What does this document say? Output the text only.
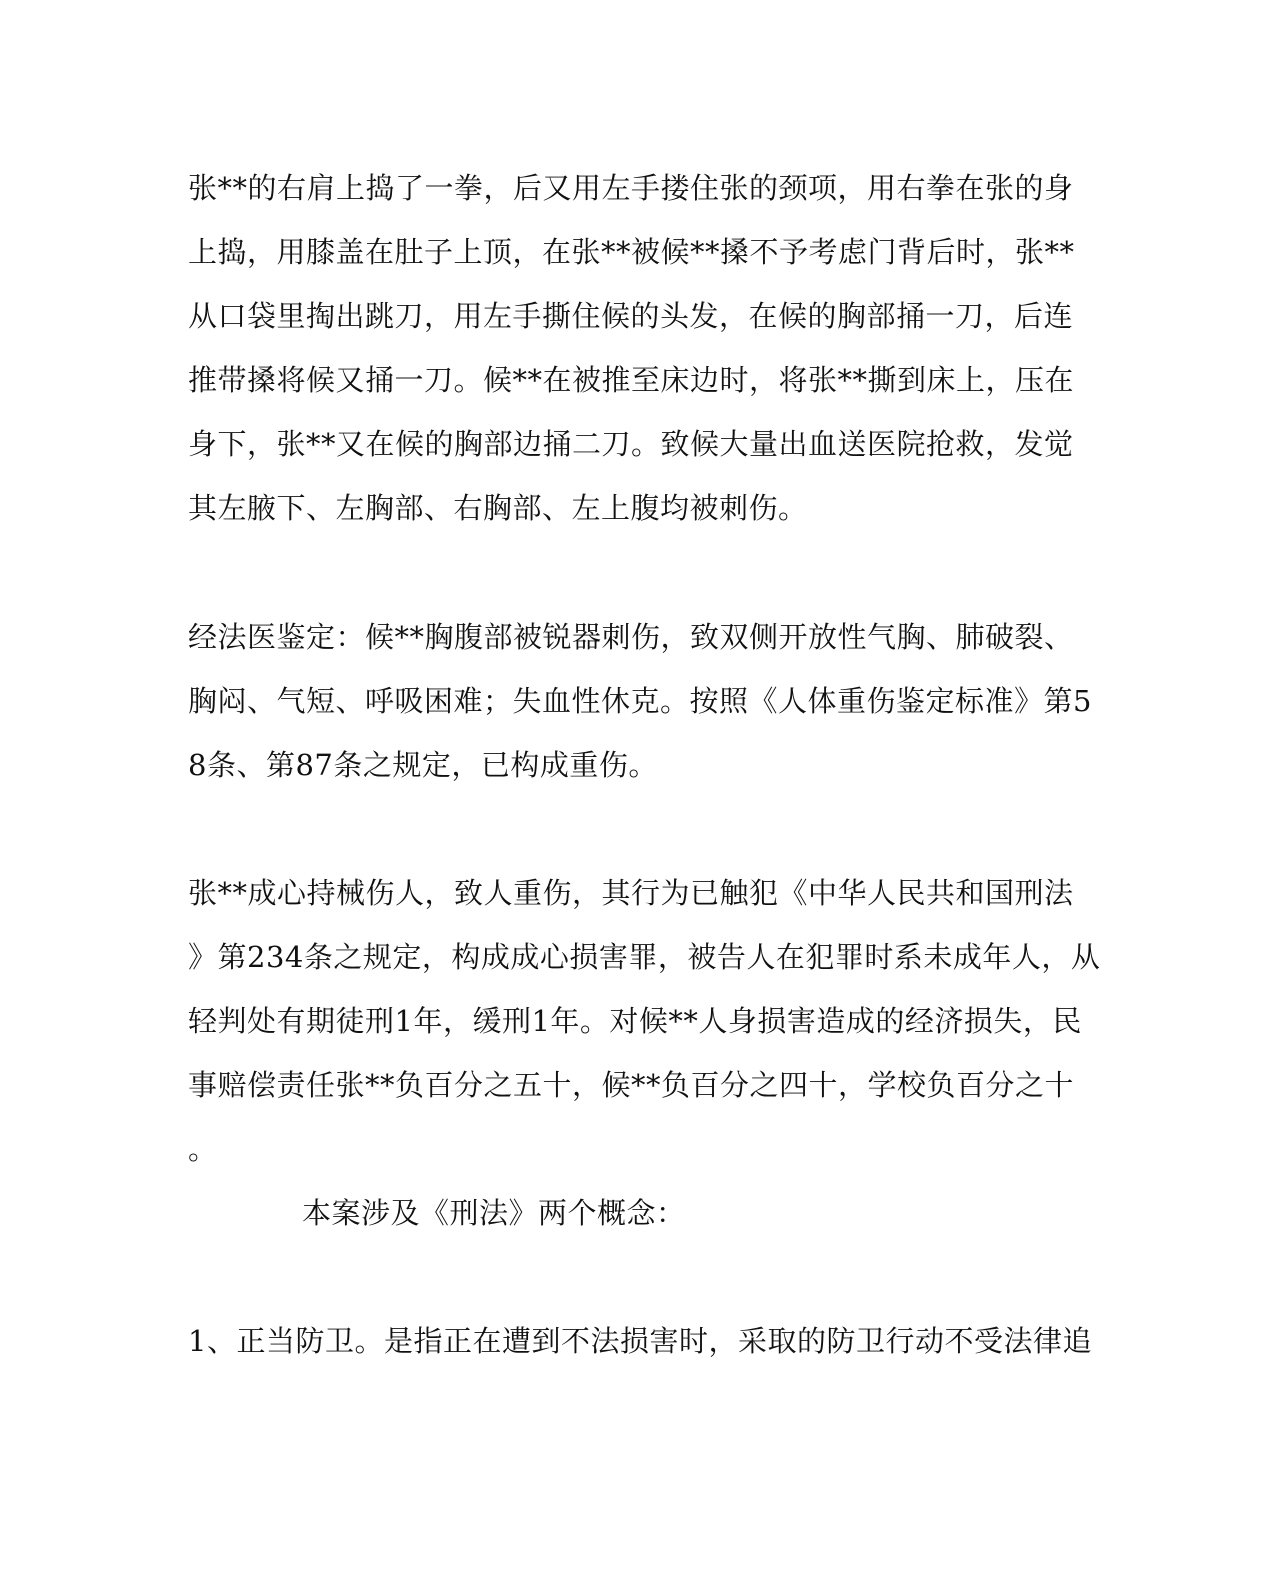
张**的右肩上捣了一拳，后又用左手搂住张的颈项，用右拳在张的身
上捣，用膝盖在肚子上顶，在张**被候**搡不予考虑门背后时，张**
从口袋里掏出跳刀，用左手撕住候的头发，在候的胸部捅一刀，后连
推带搡将候又捅一刀。候**在被推至床边时，将张**撕到床上，压在
身下，张**又在候的胸部边捅二刀。致候大量出血送医院抢救，发觉
其左腋下、左胸部、右胸部、左上腹均被刺伤。
经法医鉴定：候**胸腹部被锐器刺伤，致双侧开放性气胸、肺破裂、
胸闷、气短、呼吸困难；失血性休克。按照《人体重伤鉴定标准》第5
8条、第87条之规定，已构成重伤。
张**成心持械伤人，致人重伤，其行为已触犯《中华人民共和国刑法
》第234条之规定，构成成心损害罪，被告人在犯罪时系未成年人，从
轻判处有期徒刑1年，缓刑1年。对候**人身损害造成的经济损失，民
事赔偿责任张**负百分之五十，候**负百分之四十，学校负百分之十
。
本案涉及《刑法》两个概念：
1、正当防卫。是指正在遭到不法损害时，采取的防卫行动不受法律追
